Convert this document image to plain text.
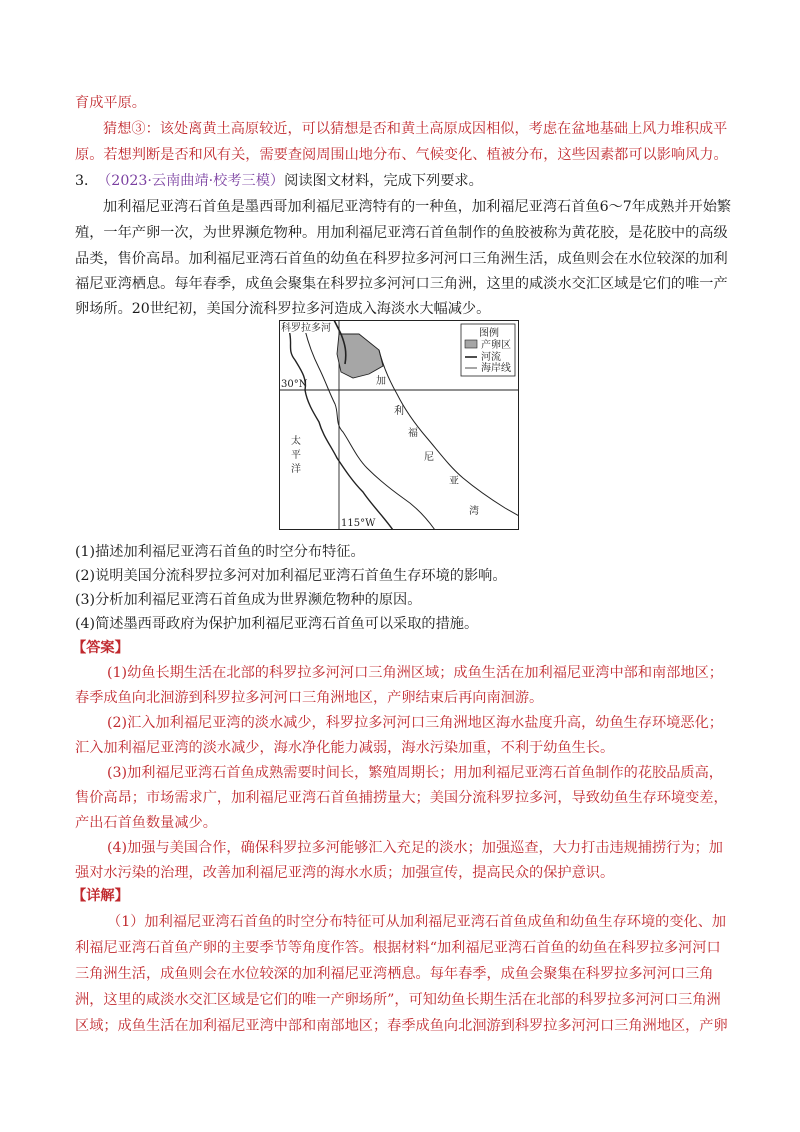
育成平原。
猜想③：该处离黄土高原较近，可以猜想是否和黄土高原成因相似，考虑在盆地基础上风力堆积成平
原。若想判断是否和风有关，需要查阅周围山地分布、气候变化、植被分布，这些因素都可以影响风力。
3． （2023·云南曲靖·校考三模）阅读图文材料，完成下列要求。
加利福尼亚湾石首鱼是墨西哥加利福尼亚湾特有的一种鱼，加利福尼亚湾石首鱼6～7年成熟并开始繁
殖，一年产卵一次，为世界濒危物种。用加利福尼亚湾石首鱼制作的鱼胶被称为黄花胶，是花胶中的高级
品类，售价高昂。加利福尼亚湾石首鱼的幼鱼在科罗拉多河河口三角洲生活，成鱼则会在水位较深的加利
福尼亚湾栖息。每年春季，成鱼会聚集在科罗拉多河河口三角洲，这里的咸淡水交汇区域是它们的唯一产
卵场所。20世纪初，美国分流科罗拉多河造成入海淡水大幅减少。
图例
产卵区
河流
海岸线
科罗拉多河
30°N
115°W
太
平
洋
加
利
福
尼
亚
湾
(1)描述加利福尼亚湾石首鱼的时空分布特征。
(2)说明美国分流科罗拉多河对加利福尼亚湾石首鱼生存环境的影响。
(3)分析加利福尼亚湾石首鱼成为世界濒危物种的原因。
(4)简述墨西哥政府为保护加利福尼亚湾石首鱼可以采取的措施。
【答案】
(1)幼鱼长期生活在北部的科罗拉多河河口三角洲区域；成鱼生活在加利福尼亚湾中部和南部地区；
春季成鱼向北洄游到科罗拉多河河口三角洲地区，产卵结束后再向南洄游。
(2)汇入加利福尼亚湾的淡水减少，科罗拉多河河口三角洲地区海水盐度升高，幼鱼生存环境恶化；
汇入加利福尼亚湾的淡水减少，海水净化能力减弱，海水污染加重，不利于幼鱼生长。
(3)加利福尼亚湾石首鱼成熟需要时间长，繁殖周期长；用加利福尼亚湾石首鱼制作的花胶品质高，
售价高昂；市场需求广，加利福尼亚湾石首鱼捕捞量大；美国分流科罗拉多河，导致幼鱼生存环境变差，
产出石首鱼数量减少。
(4)加强与美国合作，确保科罗拉多河能够汇入充足的淡水；加强巡查，大力打击违规捕捞行为；加
强对水污染的治理，改善加利福尼亚湾的海水水质；加强宣传，提高民众的保护意识。
【详解】
（1）加利福尼亚湾石首鱼的时空分布特征可从加利福尼亚湾石首鱼成鱼和幼鱼生存环境的变化、加
利福尼亚湾石首鱼产卵的主要季节等角度作答。根据材料“加利福尼亚湾石首鱼的幼鱼在科罗拉多河河口
三角洲生活，成鱼则会在水位较深的加利福尼亚湾栖息。每年春季，成鱼会聚集在科罗拉多河河口三角
洲，这里的咸淡水交汇区域是它们的唯一产卵场所”，可知幼鱼长期生活在北部的科罗拉多河河口三角洲
区域；成鱼生活在加利福尼亚湾中部和南部地区；春季成鱼向北洄游到科罗拉多河河口三角洲地区，产卵
